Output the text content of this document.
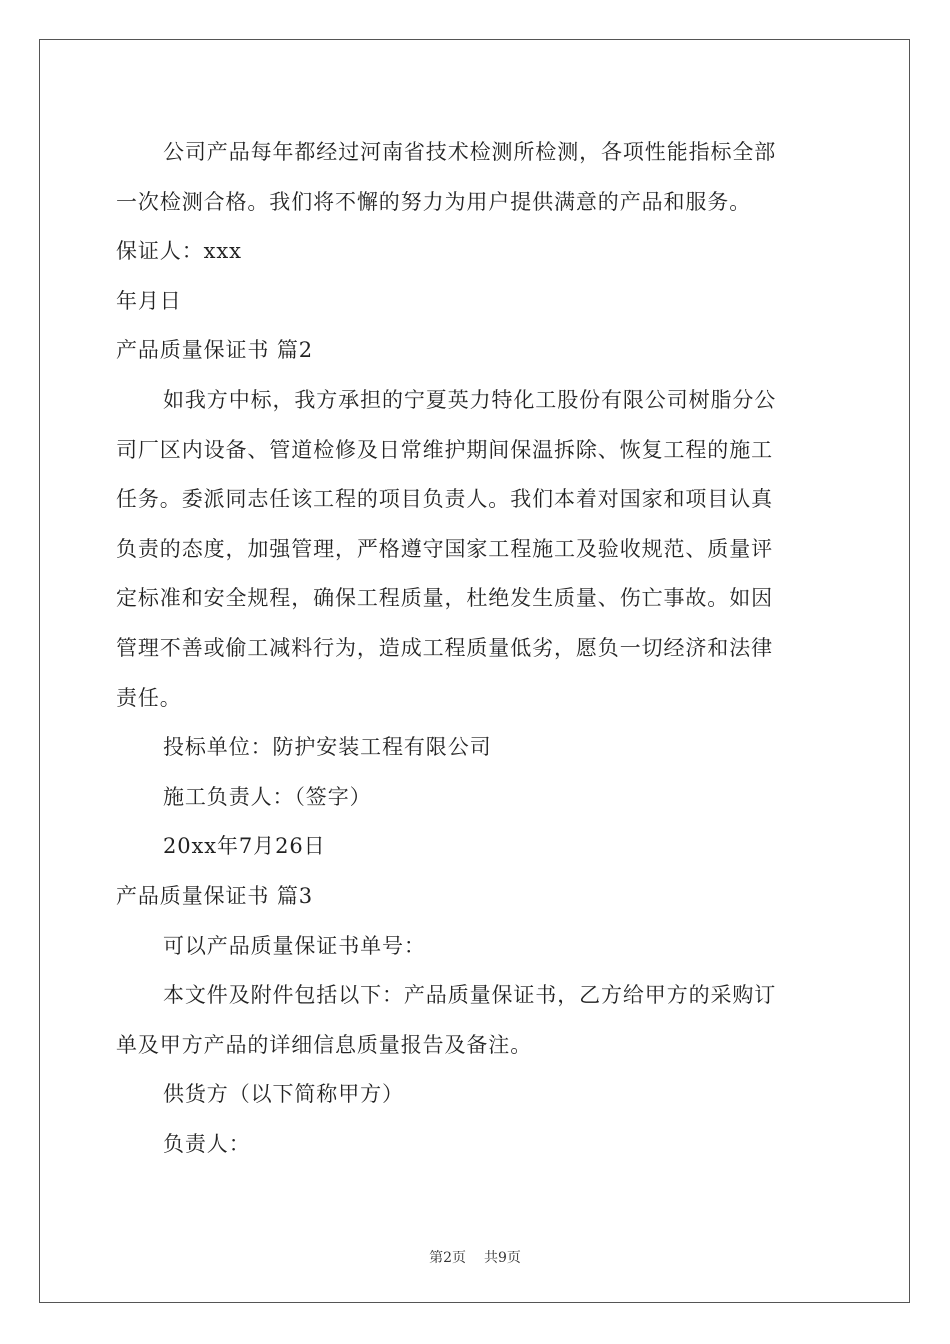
公司产品每年都经过河南省技术检测所检测，各项性能指标全部
一次检测合格。我们将不懈的努力为用户提供满意的产品和服务。
保证人：xxx
年月日
产品质量保证书 篇2
如我方中标，我方承担的宁夏英力特化工股份有限公司树脂分公
司厂区内设备、管道检修及日常维护期间保温拆除、恢复工程的施工
任务。委派同志任该工程的项目负责人。我们本着对国家和项目认真
负责的态度，加强管理，严格遵守国家工程施工及验收规范、质量评
定标准和安全规程，确保工程质量，杜绝发生质量、伤亡事故。如因
管理不善或偷工减料行为，造成工程质量低劣，愿负一切经济和法律
责任。
投标单位：防护安装工程有限公司
施工负责人：（签字）
20xx年7月26日
产品质量保证书 篇3
可以产品质量保证书单号：
本文件及附件包括以下：产品质量保证书，乙方给甲方的采购订
单及甲方产品的详细信息质量报告及备注。
供货方（以下简称甲方）
负责人：
第2页 共9页
